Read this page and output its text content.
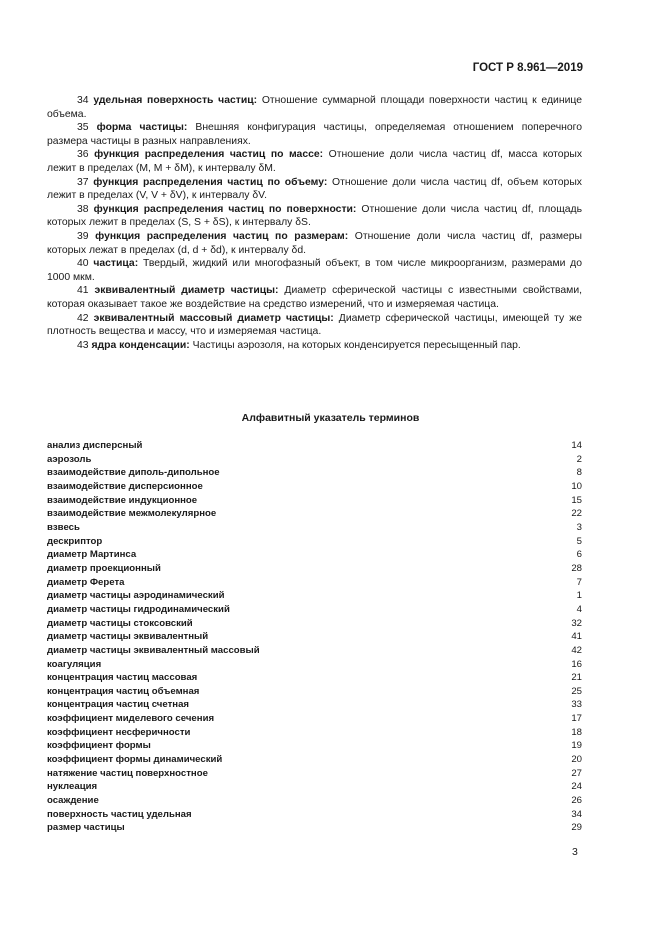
ГОСТ Р 8.961—2019

34 удельная поверхность частиц: Отношение суммарной площади поверхности частиц к единице объема.

35 форма частицы: Внешняя конфигурация частицы, определяемая отношением поперечного размера частицы в разных направлениях.

36 функция распределения частиц по массе: Отношение доли числа частиц df, масса которых лежит в пределах (M, M + δM), к интервалу δM.

37 функция распределения частиц по объему: Отношение доли числа частиц df, объем которых лежит в пределах (V, V + δV), к интервалу δV.

38 функция распределения частиц по поверхности: Отношение доли числа частиц df, площадь которых лежит в пределах (S, S + δS), к интервалу δS.

39 функция распределения частиц по размерам: Отношение доли числа частиц df, размеры которых лежат в пределах (d, d + δd), к интервалу δd.

40 частица: Твердый, жидкий или многофазный объект, в том числе микроорганизм, размерами до 1000 мкм.

41 эквивалентный диаметр частицы: Диаметр сферической частицы с известными свойствами, которая оказывает такое же воздействие на средство измерений, что и измеряемая частица.

42 эквивалентный массовый диаметр частицы: Диаметр сферической частицы, имеющей ту же плотность вещества и массу, что и измеряемая частица.

43 ядра конденсации: Частицы аэрозоля, на которых конденсируется пересыщенный пар.

Алфавитный указатель терминов
анализ дисперсный	14
аэрозоль	2
взаимодействие диполь-дипольное	8
взаимодействие дисперсионное	10
взаимодействие индукционное	15
взаимодействие межмолекулярное	22
взвесь	3
дескриптор	5
диаметр Мартинса	6
диаметр проекционный	28
диаметр Ферета	7
диаметр частицы аэродинамический	1
диаметр частицы гидродинамический	4
диаметр частицы стоксовский	32
диаметр частицы эквивалентный	41
диаметр частицы эквивалентный массовый	42
коагуляция	16
концентрация частиц массовая	21
концентрация частиц объемная	25
концентрация частиц счетная	33
коэффициент миделевого сечения	17
коэффициент несферичности	18
коэффициент формы	19
коэффициент формы динамический	20
натяжение частиц поверхностное	27
нуклеация	24
осаждение	26
поверхность частиц удельная	34
размер частицы	29
3
